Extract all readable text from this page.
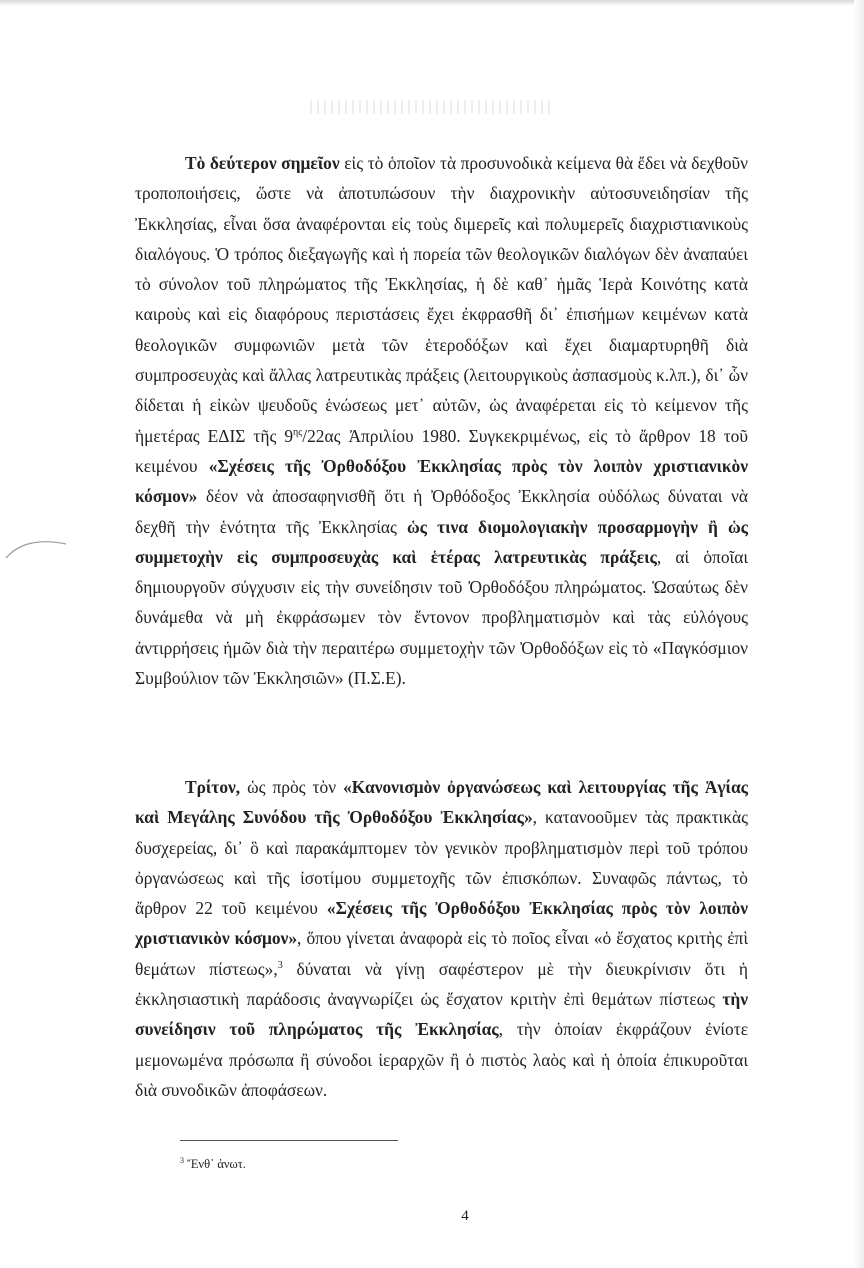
Τὸ δεύτερον σημεῖον εἰς τὸ ὁποῖον τὰ προσυνοδικὰ κείμενα θὰ ἔδει νὰ δεχθοῦν τροποποιήσεις, ὥστε νὰ ἀποτυπώσουν τὴν διαχρονικὴν αὐτοσυνειδησίαν τῆς Ἐκκλησίας, εἶναι ὅσα ἀναφέρονται εἰς τοὺς διμερεῖς καὶ πολυμερεῖς διαχριστιανικοὺς διαλόγους. Ὁ τρόπος διεξαγωγῆς καὶ ἡ πορεία τῶν θεολογικῶν διαλόγων δὲν ἀναπαύει τὸ σύνολον τοῦ πληρώματος τῆς Ἐκκλησίας, ἡ δὲ καθ᾽ ἡμᾶς Ἱερὰ Κοινότης κατὰ καιροὺς καὶ εἰς διαφόρους περιστάσεις ἔχει ἐκφρασθῆ δι᾽ ἐπισήμων κειμένων κατὰ θεολογικῶν συμφωνιῶν μετὰ τῶν ἑτεροδόξων καὶ ἔχει διαμαρτυρηθῆ διὰ συμπροσευχὰς καὶ ἄλλας λατρευτικὰς πράξεις (λειτουργικοὺς ἀσπασμοὺς κ.λπ.), δι᾽ ὧν δίδεται ἡ εἰκὼν ψευδοῦς ἑνώσεως μετ᾽ αὐτῶν, ὡς ἀναφέρεται εἰς τὸ κείμενον τῆς ἡμετέρας ΕΔΙΣ τῆς $9^{\eta\varsigma}/22\alpha\varsigma$ Ἀπριλίου 1980. Συγκεκριμένως, εἰς τὸ ἄρθρον 18 τοῦ κειμένου «Σχέσεις τῆς Ὀρθοδόξου Ἐκκλησίας πρὸς τὸν λοιπὸν χριστιανικὸν κόσμον» δέον νὰ ἀποσαφηνισθῆ ὅτι ἡ Ὀρθόδοξος Ἐκκλησία οὐδόλως δύναται νὰ δεχθῆ τὴν ἑνότητα τῆς Ἐκκλησίας ὡς τινα διομολογιακὴν προσαρμογὴν ἢ ὡς συμμετοχὴν εἰς συμπροσευχὰς καὶ ἑτέρας λατρευτικὰς πράξεις, αἱ ὁποῖαι δημιουργοῦν σύγχυσιν εἰς τὴν συνείδησιν τοῦ Ὀρθοδόξου πληρώματος. Ὡσαύτως δὲν δυνάμεθα νὰ μὴ ἐκφράσωμεν τὸν ἔντονον προβληματισμὸν καὶ τὰς εὐλόγους ἀντιρρήσεις ἡμῶν διὰ τὴν περαιτέρω συμμετοχὴν τῶν Ὀρθοδόξων εἰς τὸ «Παγκόσμιον Συμβούλιον τῶν Ἐκκλησιῶν» (Π.Σ.Ε).

Τρίτον, ὡς πρὸς τὸν «Κανονισμὸν ὀργανώσεως καὶ λειτουργίας τῆς Ἁγίας καὶ Μεγάλης Συνόδου τῆς Ὀρθοδόξου Ἐκκλησίας», κατανοοῦμεν τὰς πρακτικὰς δυσχερείας, δι᾽ ὃ καὶ παρακάμπτομεν τὸν γενικὸν προβληματισμὸν περὶ τοῦ τρόπου ὀργανώσεως καὶ τῆς ἰσοτίμου συμμετοχῆς τῶν ἐπισκόπων. Συναφῶς πάντως, τὸ ἄρθρον 22 τοῦ κειμένου «Σχέσεις τῆς Ὀρθοδόξου Ἐκκλησίας πρὸς τὸν λοιπὸν χριστιανικὸν κόσμον», ὅπου γίνεται ἀναφορὰ εἰς τὸ ποῖος εἶναι «ὁ ἔσχατος κριτὴς ἐπὶ θεμάτων πίστεως»,$^3$ δύναται νὰ γίνῃ σαφέστερον μὲ τὴν διευκρίνισιν ὅτι ἡ ἐκκλησιαστικὴ παράδοσις ἀναγνωρίζει ὡς ἔσχατον κριτὴν ἐπὶ θεμάτων πίστεως τὴν συνείδησιν τοῦ πληρώματος τῆς Ἐκκλησίας, τὴν ὁποίαν ἐκφράζουν ἐνίοτε μεμονωμένα πρόσωπα ἢ σύνοδοι ἱεραρχῶν ἢ ὁ πιστὸς λαὸς καὶ ἡ ὁποία ἐπικυροῦται διὰ συνοδικῶν ἀποφάσεων.

$^3$ Ἔνθ᾽ ἀνωτ.
4
